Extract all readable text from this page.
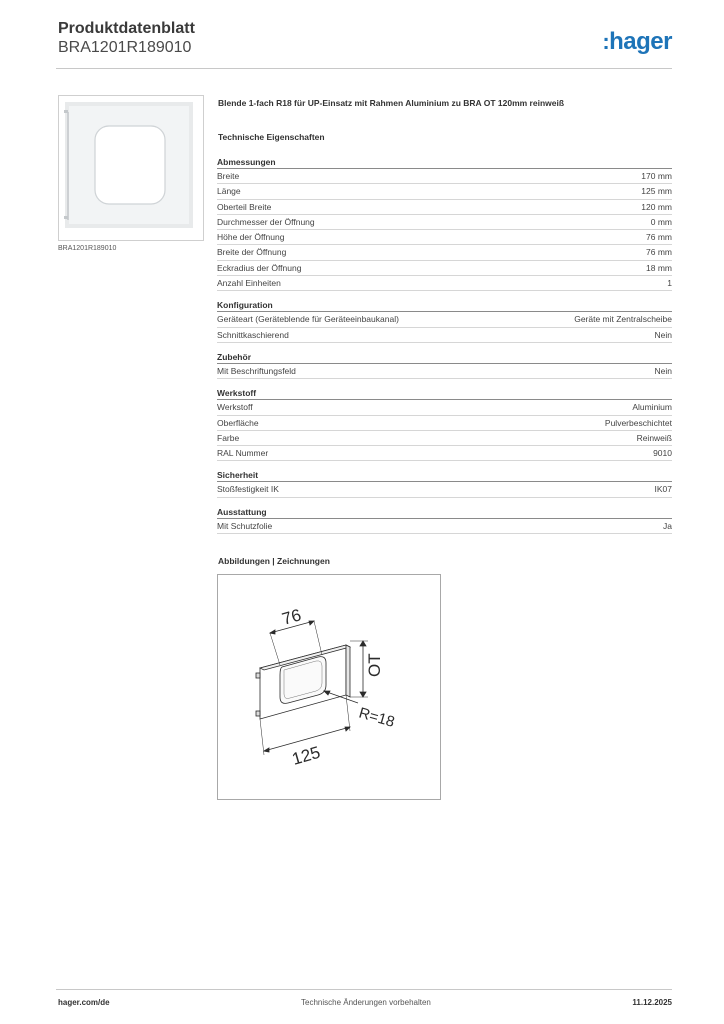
Produktdatenblatt
BRA1201R189010	:hager
BRA1201R189010
Blende 1-fach R18 für UP-Einsatz mit Rahmen Aluminium zu BRA OT 120mm reinweiß
Technische Eigenschaften
Abmessungen
Breite	170 mm
Länge	125 mm
Oberteil Breite	120 mm
Durchmesser der Öffnung	0 mm
Höhe der Öffnung	76 mm
Breite der Öffnung	76 mm
Eckradius der Öffnung	18 mm
Anzahl Einheiten	1
Konfiguration
Geräteart (Geräteblende für Geräteeinbaukanal)	Geräte mit Zentralscheibe
Schnittkaschierend	Nein
Zubehör
Mit Beschriftungsfeld	Nein
Werkstoff
Werkstoff	Aluminium
Oberfläche	Pulverbeschichtet
Farbe	Reinweiß
RAL Nummer	9010
Sicherheit
Stoßfestigkeit IK	IK07
Ausstattung
Mit Schutzfolie	Ja
Abbildungen | Zeichnungen
76
OT
R=18
125
hager.com/de	Technische Änderungen vorbehalten	11.12.2025
